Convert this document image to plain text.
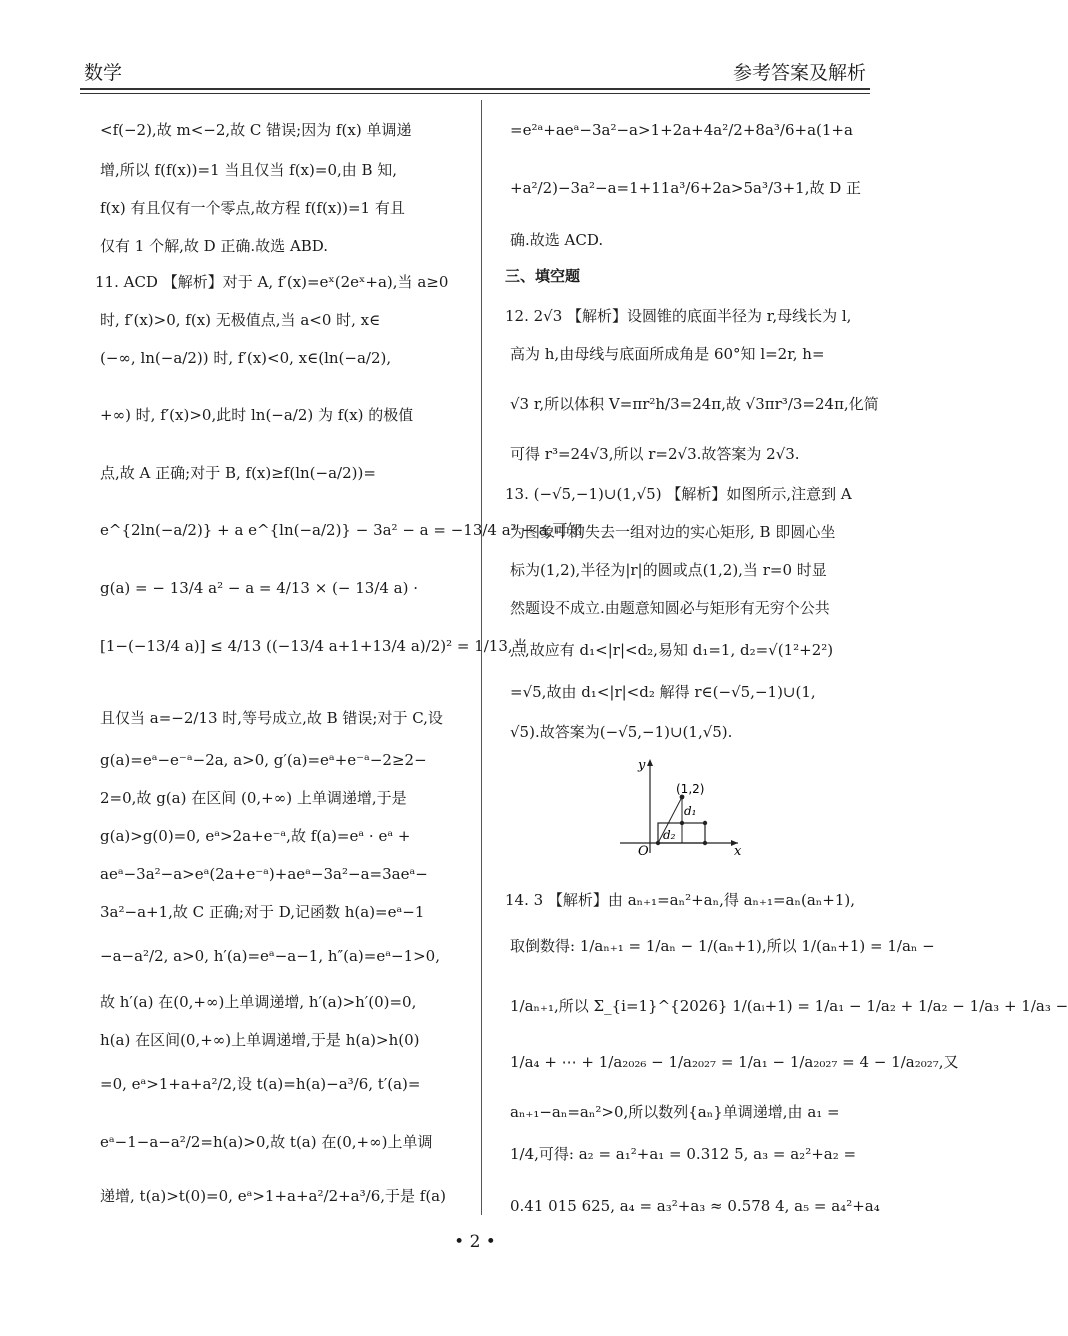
数学	参考答案及解析
<f(−2),故 m<−2,故 C 错误;因为 f(x) 单调递
增,所以 f(f(x))=1 当且仅当 f(x)=0,由 B 知,
f(x) 有且仅有一个零点,故方程 f(f(x))=1 有且
仅有 1 个解,故 D 正确.故选 ABD.
11. ACD 【解析】对于 A, f′(x)=eˣ(2eˣ+a),当 a≥0
时, f′(x)>0, f(x) 无极值点,当 a<0 时, x∈
(−∞, ln(−a/2)) 时, f′(x)<0, x∈(ln(−a/2),
+∞) 时, f′(x)>0,此时 ln(−a/2) 为 f(x) 的极值
点,故 A 正确;对于 B, f(x)≥f(ln(−a/2))=
e^{2ln(−a/2)} + a e^{ln(−a/2)} − 3a² − a = −13/4 a² − a,可知
g(a) = − 13/4 a² − a = 4/13 × (− 13/4 a) ·
[1−(−13/4 a)] ≤ 4/13 ((−13/4 a+1+13/4 a)/2)² = 1/13,当
且仅当 a=−2/13 时,等号成立,故 B 错误;对于 C,设
g(a)=eᵃ−e⁻ᵃ−2a, a>0, g′(a)=eᵃ+e⁻ᵃ−2≥2−
2=0,故 g(a) 在区间 (0,+∞) 上单调递增,于是
g(a)>g(0)=0, eᵃ>2a+e⁻ᵃ,故 f(a)=eᵃ · eᵃ +
aeᵃ−3a²−a>eᵃ(2a+e⁻ᵃ)+aeᵃ−3a²−a=3aeᵃ−
3a²−a+1,故 C 正确;对于 D,记函数 h(a)=eᵃ−1
−a−a²/2, a>0, h′(a)=eᵃ−a−1, h″(a)=eᵃ−1>0,
故 h′(a) 在(0,+∞)上单调递增, h′(a)>h′(0)=0,
h(a) 在区间(0,+∞)上单调递增,于是 h(a)>h(0)
=0, eᵃ>1+a+a²/2,设 t(a)=h(a)−a³/6, t′(a)=
eᵃ−1−a−a²/2=h(a)>0,故 t(a) 在(0,+∞)上单调
递增, t(a)>t(0)=0, eᵃ>1+a+a²/2+a³/6,于是 f(a)
=e²ᵃ+aeᵃ−3a²−a>1+2a+4a²/2+8a³/6+a(1+a
+a²/2)−3a²−a=1+11a³/6+2a>5a³/3+1,故 D 正
确.故选 ACD.
三、填空题
12. 2√3 【解析】设圆锥的底面半径为 r,母线长为 l,
高为 h,由母线与底面所成角是 60°知 l=2r, h=
√3 r,所以体积 V=πr²h/3=24π,故 √3πr³/3=24π,化简
可得 r³=24√3,所以 r=2√3.故答案为 2√3.
13. (−√5,−1)∪(1,√5) 【解析】如图所示,注意到 A
为图象中的失去一组对边的实心矩形, B 即圆心坐
标为(1,2),半径为|r|的圆或点(1,2),当 r=0 时显
然题设不成立.由题意知圆必与矩形有无穷个公共
点,故应有 d₁<|r|<d₂,易知 d₁=1, d₂=√(1²+2²)
=√5,故由 d₁<|r|<d₂ 解得 r∈(−√5,−1)∪(1,
√5).故答案为(−√5,−1)∪(1,√5).
14. 3 【解析】由 aₙ₊₁=aₙ²+aₙ,得 aₙ₊₁=aₙ(aₙ+1),
取倒数得: 1/aₙ₊₁ = 1/aₙ − 1/(aₙ+1),所以 1/(aₙ+1) = 1/aₙ −
1/aₙ₊₁,所以 Σ_{i=1}^{2026} 1/(aᵢ+1) = 1/a₁ − 1/a₂ + 1/a₂ − 1/a₃ + 1/a₃ −
1/a₄ + ⋯ + 1/a₂₀₂₆ − 1/a₂₀₂₇ = 1/a₁ − 1/a₂₀₂₇ = 4 − 1/a₂₀₂₇,又
aₙ₊₁−aₙ=aₙ²>0,所以数列{aₙ}单调递增,由 a₁ =
1/4,可得: a₂ = a₁²+a₁ = 0.312 5, a₃ = a₂²+a₂ =
0.41 015 625, a₄ = a₃²+a₃ ≈ 0.578 4, a₅ = a₄²+a₄
y
x
O
(1,2)
d₁
d₂
• 2 •
